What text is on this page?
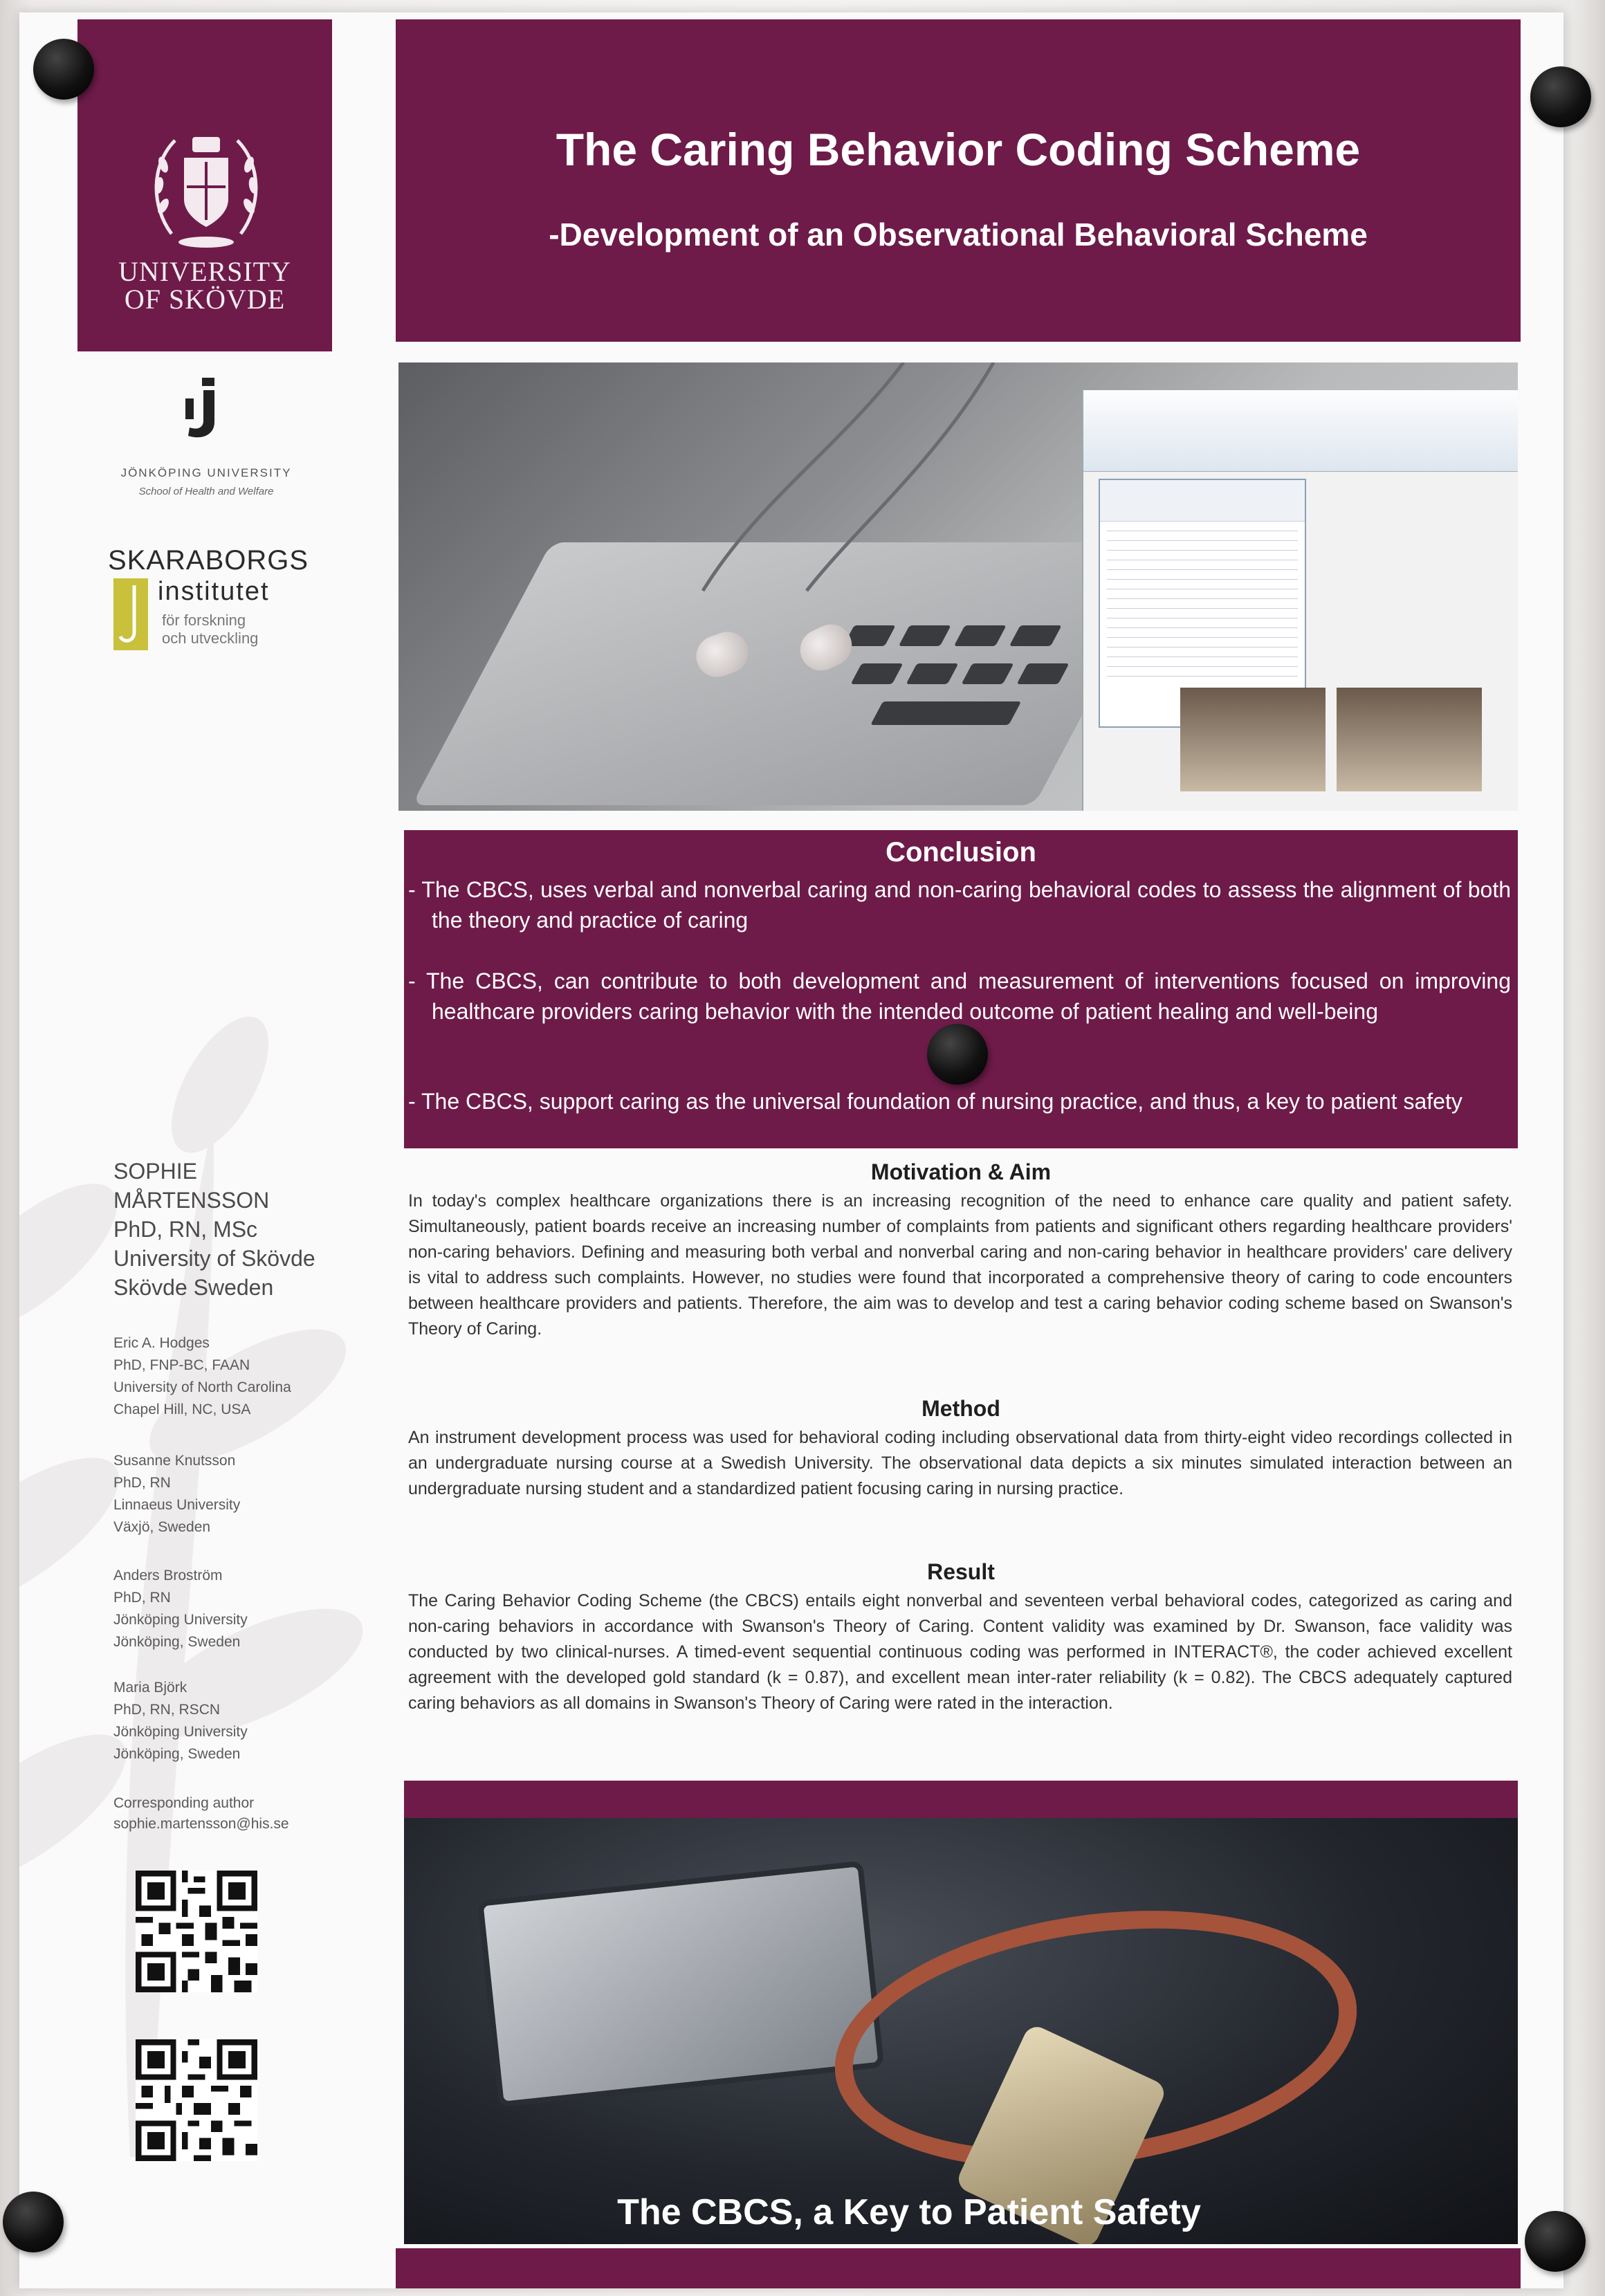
UNIVERSITY
OF SKÖVDE
JÖNKÖPING UNIVERSITY
School of Health and Welfare
SKARABORGS
institutet
för forskning
och utveckling
SOPHIE
MÅRTENSSON
PhD, RN, MSc
University of Skövde
Skövde Sweden
Eric A. Hodges
PhD, FNP-BC, FAAN
University of North Carolina
Chapel Hill, NC, USA
Susanne Knutsson
PhD, RN
Linnaeus University
Växjö, Sweden
Anders Broström
PhD, RN
Jönköping University
Jönköping, Sweden
Maria Björk
PhD, RN, RSCN
Jönköping University
Jönköping, Sweden
Corresponding author
sophie.martensson@his.se
The Caring Behavior Coding Scheme
-Development of an Observational Behavioral Scheme
Conclusion
- The CBCS, uses verbal and nonverbal caring and non-caring behavioral codes to assess the alignment of both the theory and practice of caring
- The CBCS, can contribute to both development and measurement of interventions focused on improving healthcare providers caring behavior with the intended outcome of patient healing and well-being
- The CBCS, support caring as the universal foundation of nursing practice, and thus, a key to patient safety
Motivation & Aim
In today's complex healthcare organizations there is an increasing recognition of the need to enhance care quality and patient safety. Simultaneously, patient boards receive an increasing number of complaints from patients and significant others regarding healthcare providers' non-caring behaviors. Defining and measuring both verbal and nonverbal caring and non-caring behavior in healthcare providers' care delivery is vital to address such complaints. However, no studies were found that incorporated a comprehensive theory of caring to code encounters between healthcare providers and patients. Therefore, the aim was to develop and test a caring behavior coding scheme based on Swanson's Theory of Caring.
Method
An instrument development process was used for behavioral coding including observational data from thirty-eight video recordings collected in an undergraduate nursing course at a Swedish University. The observational data depicts a six minutes simulated interaction between an undergraduate nursing student and a standardized patient focusing caring in nursing practice.
Result
The Caring Behavior Coding Scheme (the CBCS) entails eight nonverbal and seventeen verbal behavioral codes, categorized as caring and non-caring behaviors in accordance with Swanson's Theory of Caring. Content validity was examined by Dr. Swanson, face validity was conducted by two clinical-nurses. A timed-event sequential continuous coding was performed in INTERACT®, the coder achieved excellent agreement with the developed gold standard (k = 0.87), and excellent mean inter-rater reliability (k = 0.82). The CBCS adequately captured caring behaviors as all domains in Swanson's Theory of Caring were rated in the interaction.
The CBCS, a Key to Patient Safety
